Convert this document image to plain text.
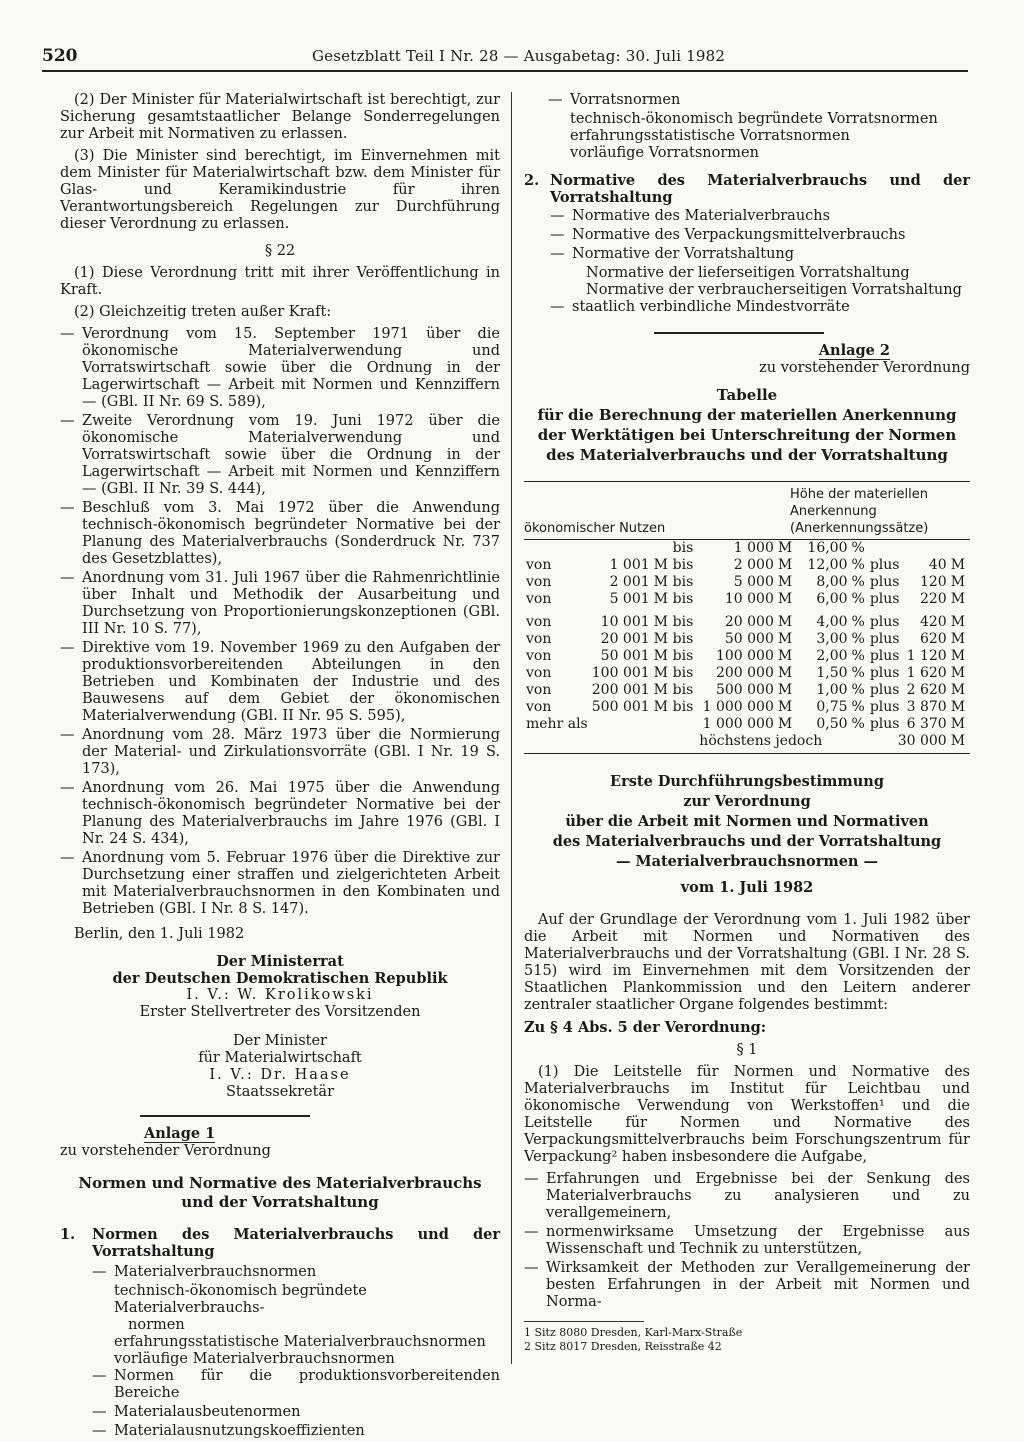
520	Gesetzblatt Teil I Nr. 28 — Ausgabetag: 30. Juli 1982

(2) Der Minister für Materialwirtschaft ist berechtigt, zur Sicherung gesamtstaatlicher Belange Sonderregelungen zur Arbeit mit Normativen zu erlassen.

(3) Die Minister sind berechtigt, im Einvernehmen mit dem Minister für Materialwirtschaft bzw. dem Minister für Glas- und Keramikindustrie für ihren Verantwortungsbereich Regelungen zur Durchführung dieser Verordnung zu erlassen.

§ 22

(1) Diese Verordnung tritt mit ihrer Veröffentlichung in Kraft.

(2) Gleichzeitig treten außer Kraft:

— Verordnung vom 15. September 1971 über die ökonomische Materialverwendung und Vorratswirtschaft sowie über die Ordnung in der Lagerwirtschaft — Arbeit mit Normen und Kennziffern — (GBl. II Nr. 69 S. 589),
— Zweite Verordnung vom 19. Juni 1972 über die ökonomische Materialverwendung und Vorratswirtschaft sowie über die Ordnung in der Lagerwirtschaft — Arbeit mit Normen und Kennziffern — (GBl. II Nr. 39 S. 444),
— Beschluß vom 3. Mai 1972 über die Anwendung technisch-ökonomisch begründeter Normative bei der Planung des Materialverbrauchs (Sonderdruck Nr. 737 des Gesetzblattes),
— Anordnung vom 31. Juli 1967 über die Rahmenrichtlinie über Inhalt und Methodik der Ausarbeitung und Durchsetzung von Proportionierungskonzeptionen (GBl. III Nr. 10 S. 77),
— Direktive vom 19. November 1969 zu den Aufgaben der produktionsvorbereitenden Abteilungen in den Betrieben und Kombinaten der Industrie und des Bauwesens auf dem Gebiet der ökonomischen Materialverwendung (GBl. II Nr. 95 S. 595),
— Anordnung vom 28. März 1973 über die Normierung der Material- und Zirkulationsvorräte (GBl. I Nr. 19 S. 173),
— Anordnung vom 26. Mai 1975 über die Anwendung technisch-ökonomisch begründeter Normative bei der Planung des Materialverbrauchs im Jahre 1976 (GBl. I Nr. 24 S. 434),
— Anordnung vom 5. Februar 1976 über die Direktive zur Durchsetzung einer straffen und zielgerichteten Arbeit mit Materialverbrauchsnormen in den Kombinaten und Betrieben (GBl. I Nr. 8 S. 147).

Berlin, den 1. Juli 1982

Der Ministerrat
der Deutschen Demokratischen Republik
I. V.: W. Krolikowski
Erster Stellvertreter des Vorsitzenden
Der Minister
für Materialwirtschaft
I. V.: Dr. Haase
Staatssekretär
Anlage 1

zu vorstehender Verordnung

Normen und Normative des Materialverbrauchs
und der Vorratshaltung
1.	Normen des Materialverbrauchs und der Vorratshaltung
— Materialverbrauchsnormen
technisch-ökonomisch begründete Materialverbrauchs-
normen
erfahrungsstatistische Materialverbrauchsnormen
vorläufige Materialverbrauchsnormen
— Normen für die produktionsvorbereitenden Bereiche
— Materialausbeutenormen
— Materialausnutzungskoeffizienten
— Vorratsnormen
technisch-ökonomisch begründete Vorratsnormen
erfahrungsstatistische Vorratsnormen
vorläufige Vorratsnormen
2. Normative des Materialverbrauchs und der Vorratshaltung
— Normative des Materialverbrauchs
— Normative des Verpackungsmittelverbrauchs
— Normative der Vorratshaltung
Normative der lieferseitigen Vorratshaltung
Normative der verbraucherseitigen Vorratshaltung
— staatlich verbindliche Mindestvorräte
Anlage 2

zu vorstehender Verordnung

Tabelle
für die Berechnung der materiellen Anerkennung
der Werktätigen bei Unterschreitung der Normen
des Materialverbrauchs und der Vorratshaltung
ökonomischer Nutzen
Höhe der materiellen
Anerkennung
(Anerkennungssätze)
			bis	1 000	M	16,00	%			
von	1 001	M	bis	2 000	M	12,00	%	plus	40	M
von	2 001	M	bis	5 000	M	8,00	%	plus	120	M
von	5 001	M	bis	10 000	M	6,00	%	plus	220	M
von	10 001	M	bis	20 000	M	4,00	%	plus	420	M
von	20 001	M	bis	50 000	M	3,00	%	plus	620	M
von	50 001	M	bis	100 000	M	2,00	%	plus	1 120	M
von	100 001	M	bis	200 000	M	1,50	%	plus	1 620	M
von	200 001	M	bis	500 000	M	1,00	%	plus	2 620	M
von	500 001	M	bis	1 000 000	M	0,75	%	plus	3 870	M
mehr als				1 000 000	M	0,50	%	plus	6 370	M
				höchstens jedoch				30 000		M
Erste Durchführungsbestimmung
zur Verordnung
über die Arbeit mit Normen und Normativen
des Materialverbrauchs und der Vorratshaltung
— Materialverbrauchsnormen —
vom 1. Juli 1982

Auf der Grundlage der Verordnung vom 1. Juli 1982 über die Arbeit mit Normen und Normativen des Materialverbrauchs und der Vorratshaltung (GBl. I Nr. 28 S. 515) wird im Einvernehmen mit dem Vorsitzenden der Staatlichen Plankommission und den Leitern anderer zentraler staatlicher Organe folgendes bestimmt:

Zu § 4 Abs. 5 der Verordnung:

§ 1

(1) Die Leitstelle für Normen und Normative des Materialverbrauchs im Institut für Leichtbau und ökonomische Verwendung von Werkstoffen¹ und die Leitstelle für Normen und Normative des Verpackungsmittelverbrauchs beim Forschungszentrum für Verpackung² haben insbesondere die Aufgabe,

— Erfahrungen und Ergebnisse bei der Senkung des Materialverbrauchs zu analysieren und zu verallgemeinern,
— normenwirksame Umsetzung der Ergebnisse aus Wissenschaft und Technik zu unterstützen,
— Wirksamkeit der Methoden zur Verallgemeinerung der besten Erfahrungen in der Arbeit mit Normen und Norma-
1 Sitz 8080 Dresden, Karl-Marx-Straße
2 Sitz 8017 Dresden, Reisstraße 42
